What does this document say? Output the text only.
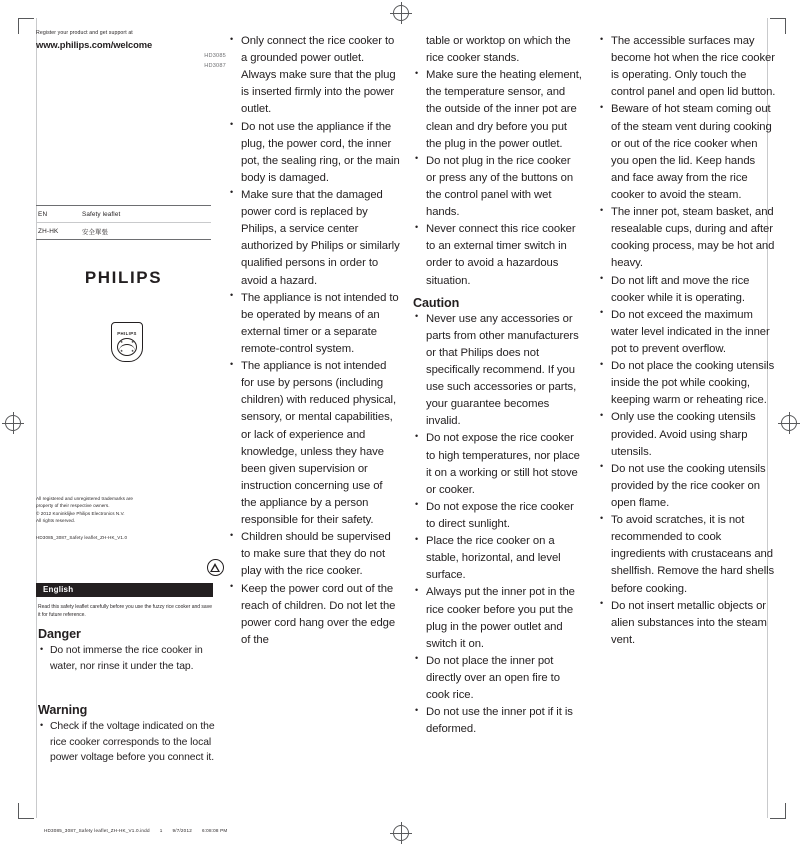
Register your product and get support at

www.philips.com/welcome

HD3085
HD3087
EN	Safety leaflet
ZH-HK	安全單張
PHILIPS
PHILIPS
★ ★
★ ★
All registered and unregistered trademarks are
property of their respective owners.
© 2012 Koninklijke Philips Electronics N.V.
All rights reserved.
HD3085_3087_Safety leaflet_ZH-HK_V1.0
English
Read this safety leaflet carefully before you use the fuzzy rice cooker and save it for future reference.
Danger
• Do not immerse the rice cooker in water, nor rinse it under the tap.
Warning
• Check if the voltage indicated on the rice cooker corresponds to the local power voltage before you connect it.
• Only connect the rice cooker to a grounded power outlet. Always make sure that the plug is inserted firmly into the power outlet.
• Do not use the appliance if the plug, the power cord, the inner pot, the sealing ring, or the main body is damaged.
• Make sure that the damaged power cord is replaced by Philips, a service center authorized by Philips or similarly qualified persons in order to avoid a hazard.
• The appliance is not intended to be operated by means of an external timer or a separate remote-control system.
• The appliance is not intended for use by persons (including children) with reduced physical, sensory, or mental capabilities, or lack of experience and knowledge, unless they have been given supervision or instruction concerning use of the appliance by a person responsible for their safety.
• Children should be supervised to make sure that they do not play with the rice cooker.
• Keep the power cord out of the reach of children. Do not let the power cord hang over the edge of the
table or worktop on which the rice cooker stands.
• Make sure the heating element, the temperature sensor, and the outside of the inner pot are clean and dry before you put the plug in the power outlet.
• Do not plug in the rice cooker or press any of the buttons on the control panel with wet hands.
• Never connect this rice cooker to an external timer switch in order to avoid a hazardous situation.
Caution
• Never use any accessories or parts from other manufacturers or that Philips does not specifically recommend. If you use such accessories or parts, your guarantee becomes invalid.
• Do not expose the rice cooker to high temperatures, nor place it on a working or still hot stove or cooker.
• Do not expose the rice cooker to direct sunlight.
• Place the rice cooker on a stable, horizontal, and level surface.
• Always put the inner pot in the rice cooker before you put the plug in the power outlet and switch it on.
• Do not place the inner pot directly over an open fire to cook rice.
• Do not use the inner pot if it is deformed.
• The accessible surfaces may become hot when the rice cooker is operating. Only touch the control panel and open lid button.
• Beware of hot steam coming out of the steam vent during cooking or out of the rice cooker when you open the lid. Keep hands and face away from the rice cooker to avoid the steam.
• The inner pot, steam basket, and resealable cups, during and after cooking process, may be hot and heavy.
• Do not lift and move the rice cooker while it is operating.
• Do not exceed the maximum water level indicated in the inner pot to prevent overflow.
• Do not place the cooking utensils inside the pot while cooking, keeping warm or reheating rice.
• Only use the cooking utensils provided. Avoid using sharp utensils.
• Do not use the cooking utensils provided by the rice cooker on open flame.
• To avoid scratches, it is not recommended to cook ingredients with crustaceans and shellfish. Remove the hard shells before cooking.
• Do not insert metallic objects or alien substances into the steam vent.
HD3085_3087_Safety leaflet_ZH-HK_V1.0.indd 1 9/7/2012 6:08:08 PM
